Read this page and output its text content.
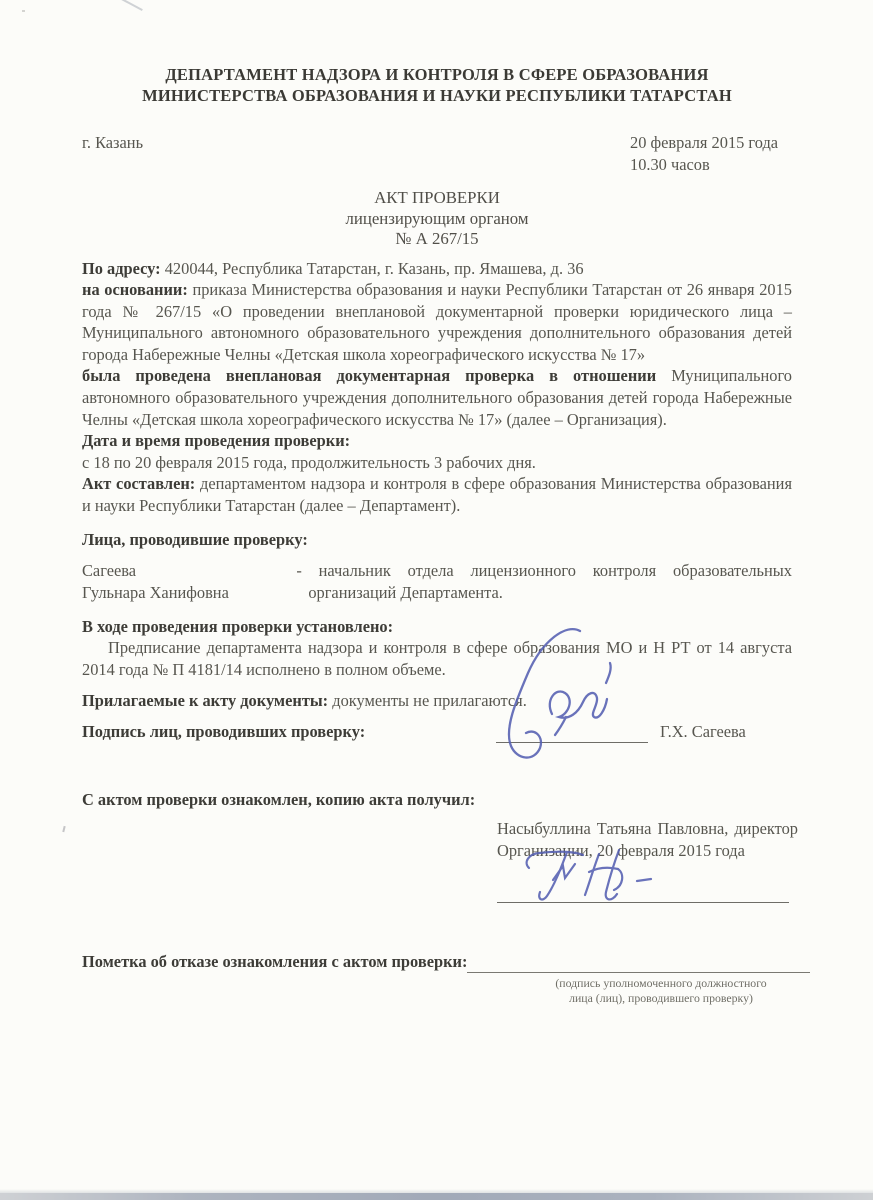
ДЕПАРТАМЕНТ НАДЗОРА И КОНТРОЛЯ В СФЕРЕ ОБРАЗОВАНИЯ
МИНИСТЕРСТВА ОБРАЗОВАНИЯ И НАУКИ РЕСПУБЛИКИ ТАТАРСТАН
г. Казань	20 февраля 2015 года
10.30 часов
АКТ ПРОВЕРКИ
лицензирующим органом
№ А 267/15

По адресу: 420044, Республика Татарстан, г. Казань, пр. Ямашева, д. 36

на основании: приказа Министерства образования и науки Республики Татарстан от 26 января 2015 года № 267/15 «О проведении внеплановой документарной проверки юридического лица – Муниципального автономного образовательного учреждения дополнительного образования детей города Набережные Челны «Детская школа хореографического искусства № 17»

была проведена внеплановая документарная проверка в отношении Муниципального автономного образовательного учреждения дополнительного образования детей города Набережные Челны «Детская школа хореографического искусства № 17» (далее – Организация).

Дата и время проведения проверки:

с 18 по 20 февраля 2015 года, продолжительность 3 рабочих дня.

Акт составлен: департаментом надзора и контроля в сфере образования Министерства образования и науки Республики Татарстан (далее – Департамент).

Лица, проводившие проверку:

Сагеева
Гульнара Ханифовна
- начальник отдела лицензионного контроля образовательных организаций Департамента.

В ходе проведения проверки установлено:

Предписание департамента надзора и контроля в сфере образования МО и Н РТ от 14 августа 2014 года № П 4181/14 исполнено в полном объеме.

Прилагаемые к акту документы: документы не прилагаются.

Подпись лиц, проводивших проверку:	Г.Х. Сагеева

С актом проверки ознакомлен, копию акта получил:

Насыбуллина Татьяна Павловна, директор Организации, 20 февраля 2015 года
Пометка об отказе ознакомления с актом проверки:
(подпись уполномоченного должностного
лица (лиц), проводившего проверку)
